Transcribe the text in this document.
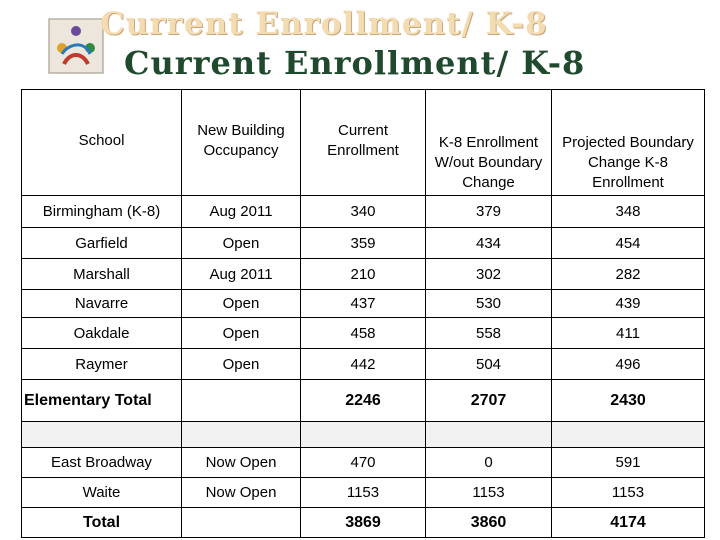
Current Enrollment/ K-8
Current Enrollment/ K-8
School	New Building Occupancy	Current Enrollment	K-8 Enrollment W/out Boundary Change	Projected Boundary Change K-8 Enrollment
Birmingham (K-8)	Aug 2011	340	379	348
Garfield	Open	359	434	454
Marshall	Aug 2011	210	302	282
Navarre	Open	437	530	439
Oakdale	Open	458	558	411
Raymer	Open	442	504	496
Elementary Total		2246	2707	2430

East Broadway	Now Open	470	0	591
Waite	Now Open	1153	1153	1153
Total		3869	3860	4174
